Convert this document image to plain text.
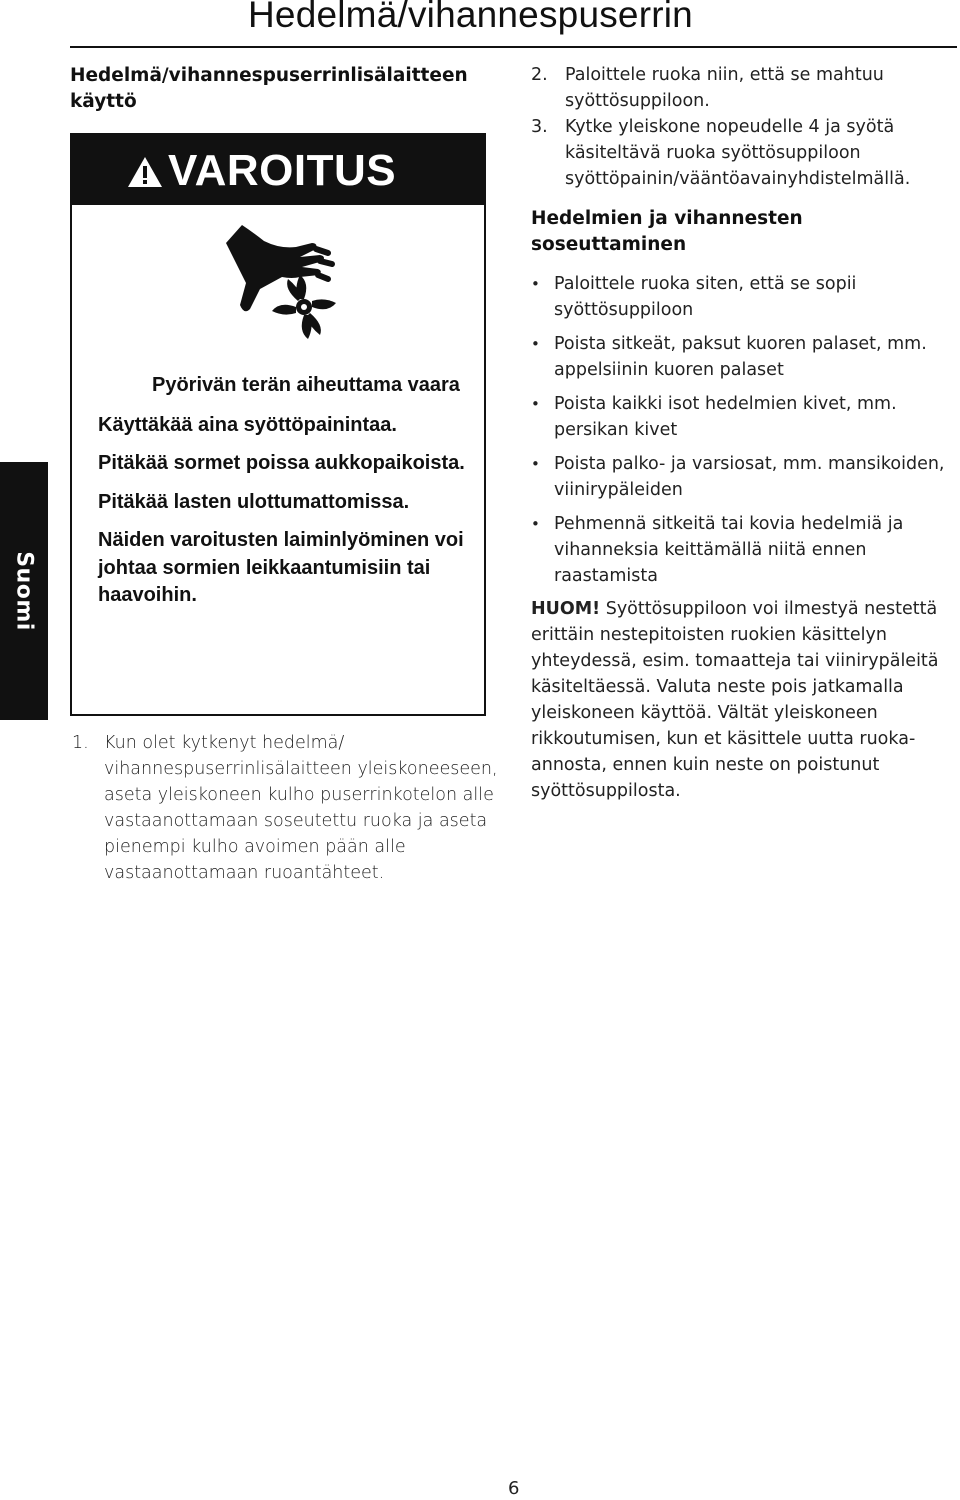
Hedelmä/vihannespuserrin
Suomi
Hedelmä/vihannespuserrinlisälaitteen käyttö
VAROITUS
Pyörivän terän aiheuttama vaara

Käyttäkää aina syöttöpainintaa.

Pitäkää sormet poissa aukkopaikoista.

Pitäkää lasten ulottumattomissa.

Näiden varoitusten laiminlyöminen voi johtaa sormien leikkaantumisiin tai haavoihin.

1. Kun olet kytkenyt hedelmä/ vihannespuserrinlisälaitteen yleiskoneeseen, aseta yleiskoneen kulho puserrinkotelon alle vastaanottamaan soseutettu ruoka ja aseta pienempi kulho avoimen pään alle vastaanottamaan ruoantähteet.
2. Paloittele ruoka niin, että se mahtuu syöttösuppiloon.
3. Kytke yleiskone nopeudelle 4 ja syötä käsiteltävä ruoka syöttösuppiloon syöttöpainin/vääntöavainyhdistelmällä.
Hedelmien ja vihannesten soseuttaminen
• Paloittele ruoka siten, että se sopii syöttösuppiloon
• Poista sitkeät, paksut kuoren palaset, mm. appelsiinin kuoren palaset
• Poista kaikki isot hedelmien kivet, mm. persikan kivet
• Poista palko- ja varsiosat, mm. mansikoiden, viinirypäleiden
• Pehmennä sitkeitä tai kovia hedelmiä ja vihanneksia keittämällä niitä ennen raastamista
HUOM! Syöttösuppiloon voi ilmestyä nestettä erittäin nestepitoisten ruokien käsittelyn yhteydessä, esim. tomaatteja tai viinirypäleitä käsiteltäessä. Valuta neste pois jatkamalla yleiskoneen käyttöä. Vältät yleiskoneen rikkoutumisen, kun et käsittele uutta ruoka-annosta, ennen kuin neste on poistunut syöttösuppilosta.
6
